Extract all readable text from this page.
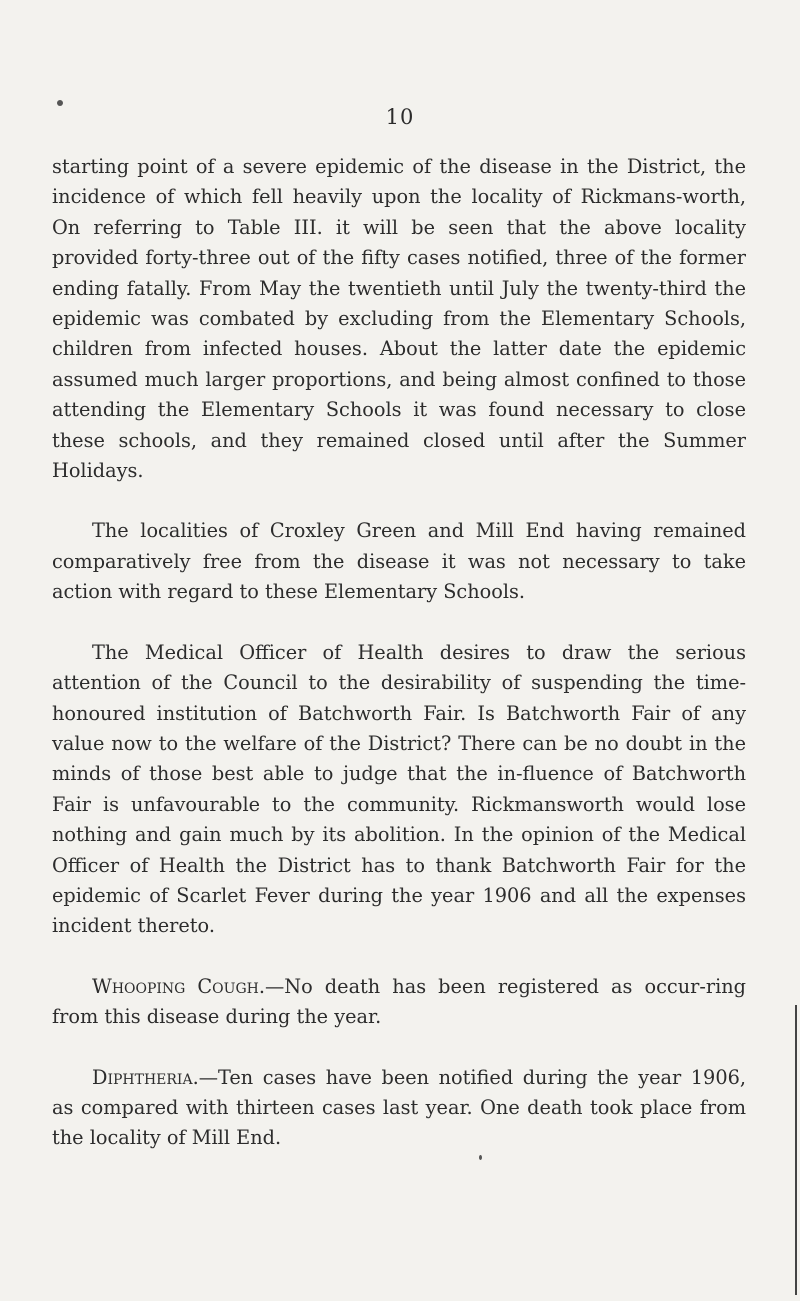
10

starting point of a severe epidemic of the disease in the District, the incidence of which fell heavily upon the locality of Rickmans-worth, On referring to Table III. it will be seen that the above locality provided forty-three out of the fifty cases notified, three of the former ending fatally. From May the twentieth until July the twenty-third the epidemic was combated by excluding from the Elementary Schools, children from infected houses. About the latter date the epidemic assumed much larger proportions, and being almost confined to those attending the Elementary Schools it was found necessary to close these schools, and they remained closed until after the Summer Holidays.

The localities of Croxley Green and Mill End having remained comparatively free from the disease it was not necessary to take action with regard to these Elementary Schools.

The Medical Officer of Health desires to draw the serious attention of the Council to the desirability of suspending the time-honoured institution of Batchworth Fair. Is Batchworth Fair of any value now to the welfare of the District? There can be no doubt in the minds of those best able to judge that the in-fluence of Batchworth Fair is unfavourable to the community. Rickmansworth would lose nothing and gain much by its abolition. In the opinion of the Medical Officer of Health the District has to thank Batchworth Fair for the epidemic of Scarlet Fever during the year 1906 and all the expenses incident thereto.

Whooping Cough.—No death has been registered as occur-ring from this disease during the year.

Diphtheria.—Ten cases have been notified during the year 1906, as compared with thirteen cases last year. One death took place from the locality of Mill End.
